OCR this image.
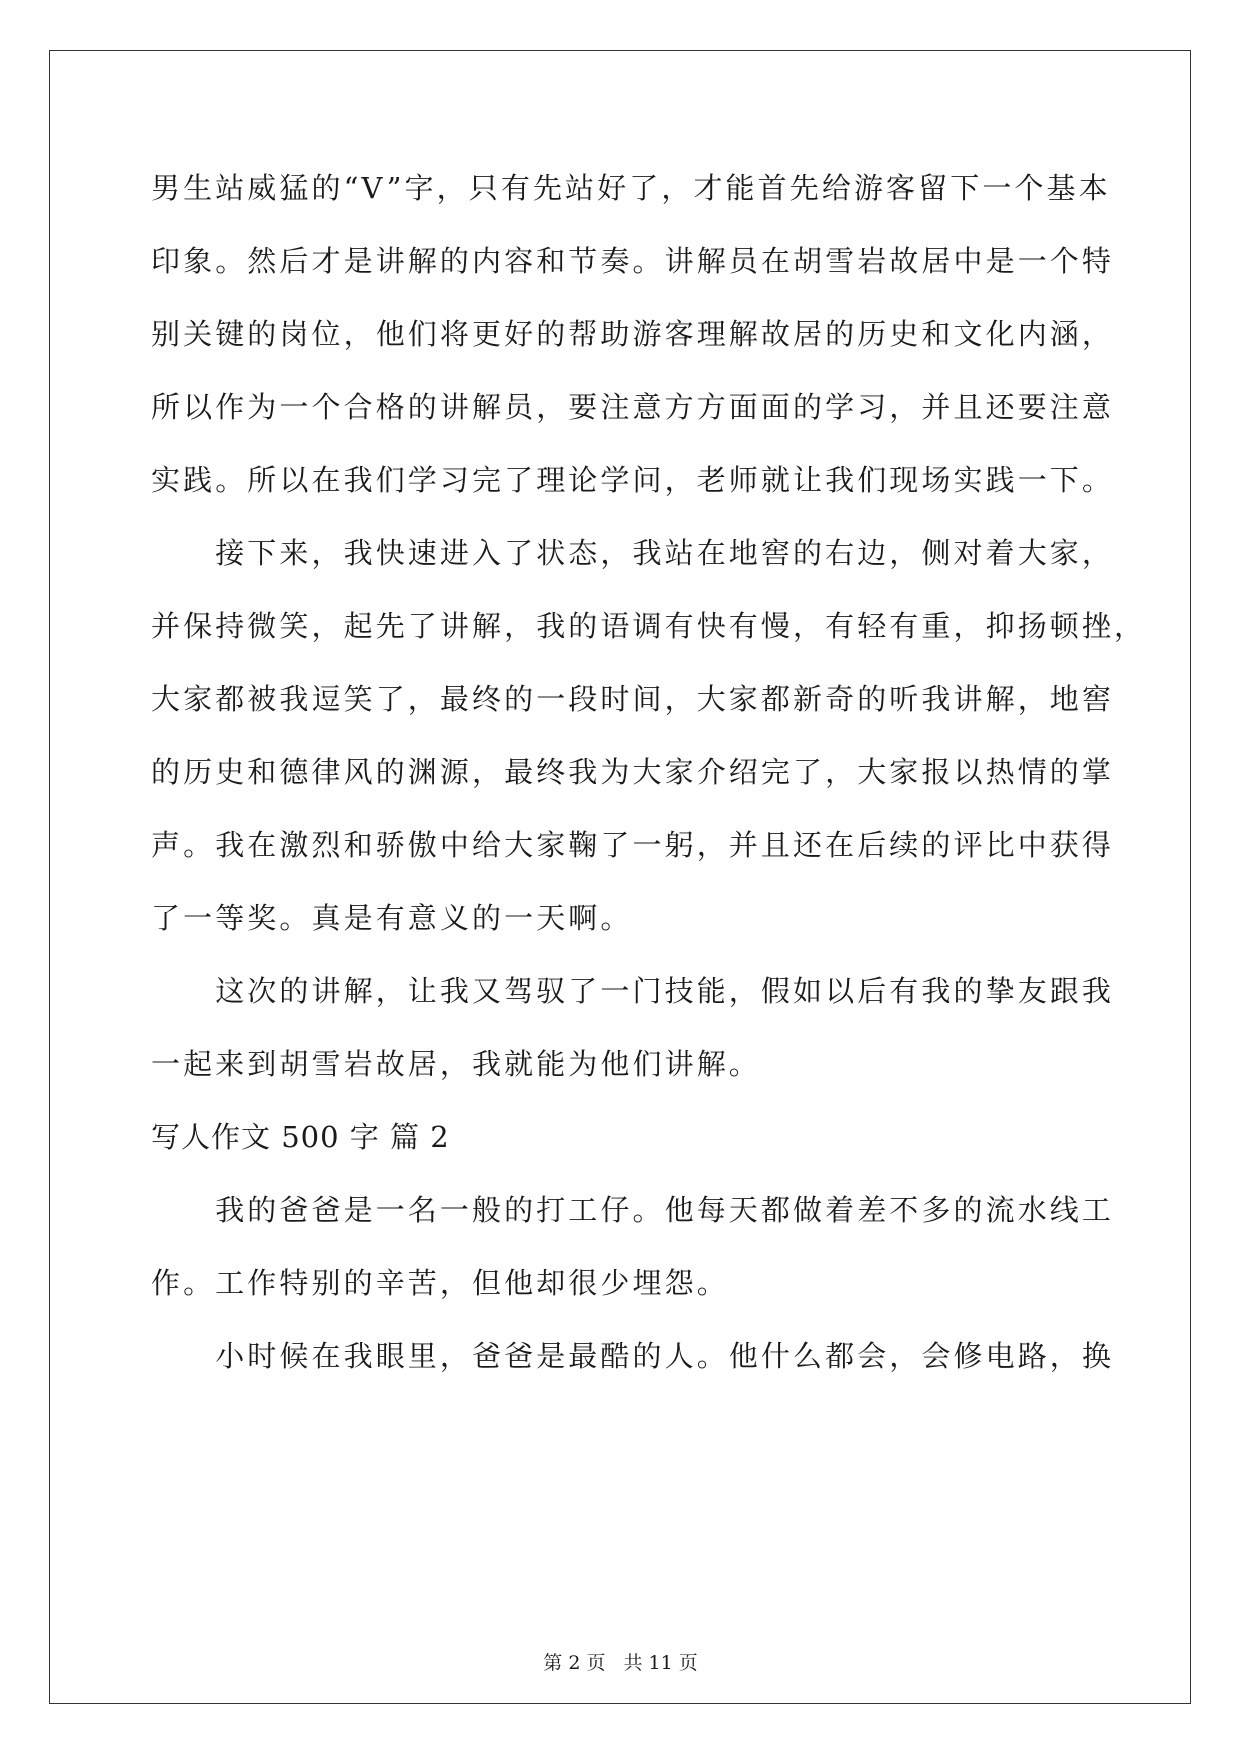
男生站威猛的“V”字，只有先站好了，才能首先给游客留下一个基本
印象。然后才是讲解的内容和节奏。讲解员在胡雪岩故居中是一个特
别关键的岗位，他们将更好的帮助游客理解故居的历史和文化内涵，
所以作为一个合格的讲解员，要注意方方面面的学习，并且还要注意
实践。所以在我们学习完了理论学问，老师就让我们现场实践一下。
　　接下来，我快速进入了状态，我站在地窖的右边，侧对着大家，
并保持微笑，起先了讲解，我的语调有快有慢，有轻有重，抑扬顿挫，
大家都被我逗笑了，最终的一段时间，大家都新奇的听我讲解，地窖
的历史和德律风的渊源，最终我为大家介绍完了，大家报以热情的掌
声。我在激烈和骄傲中给大家鞠了一躬，并且还在后续的评比中获得
了一等奖。真是有意义的一天啊。
　　这次的讲解，让我又驾驭了一门技能，假如以后有我的挚友跟我
一起来到胡雪岩故居，我就能为他们讲解。
写人作文 500 字 篇 2
　　我的爸爸是一名一般的打工仔。他每天都做着差不多的流水线工
作。工作特别的辛苦，但他却很少埋怨。
　　小时候在我眼里，爸爸是最酷的人。他什么都会，会修电路，换
第 2 页 共 11 页
